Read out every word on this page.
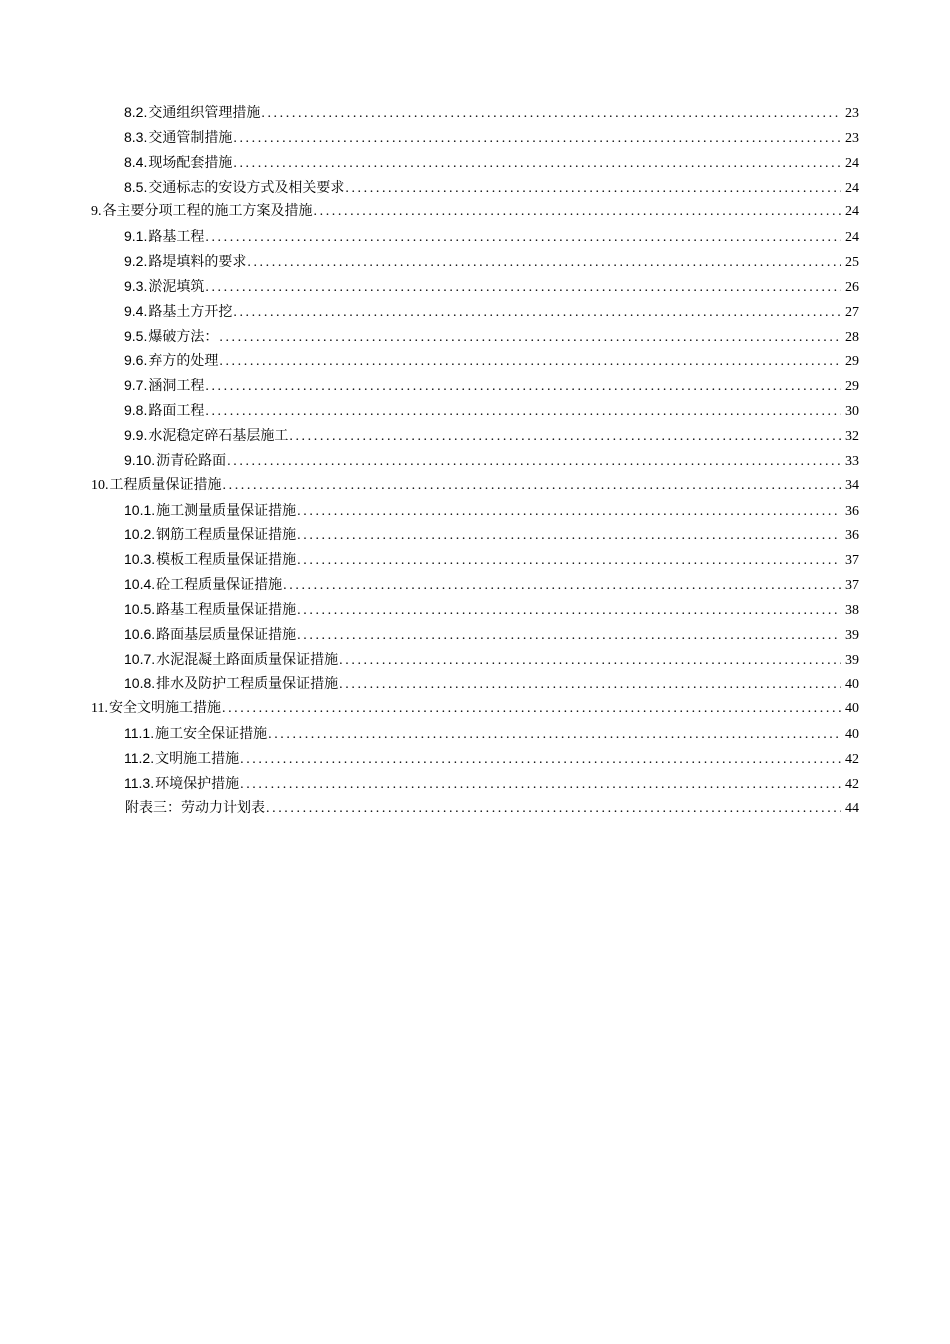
8.2. 交通组织管理措施 .....	23
8.3. 交通管制措施 .....	23
8.4. 现场配套措施 .....	24
8.5. 交通标志的安设方式及相关要求 .....	24
9. 各主要分项工程的施工方案及措施 .....	24
9.1. 路基工程 .....	24
9.2. 路堤填料的要求 .....	25
9.3. 淤泥填筑 .....	26
9.4. 路基土方开挖 .....	27
9.5. 爆破方法： .....	28
9.6. 弃方的处理 .....	29
9.7. 涵洞工程 .....	29
9.8. 路面工程 .....	30
9.9. 水泥稳定碎石基层施工 .....	32
9.10. 沥青砼路面 .....	33
10. 工程质量保证措施 .....	34
10.1. 施工测量质量保证措施 .....	36
10.2. 钢筋工程质量保证措施 .....	36
10.3. 模板工程质量保证措施 .....	37
10.4. 砼工程质量保证措施 .....	37
10.5. 路基工程质量保证措施 .....	38
10.6. 路面基层质量保证措施 .....	39
10.7. 水泥混凝土路面质量保证措施 .....	39
10.8. 排水及防护工程质量保证措施 .....	40
11. 安全文明施工措施 .....	40
11.1. 施工安全保证措施 .....	40
11.2. 文明施工措施 .....	42
11.3. 环境保护措施 .....	42
附表三：劳动力计划表 .....	44
